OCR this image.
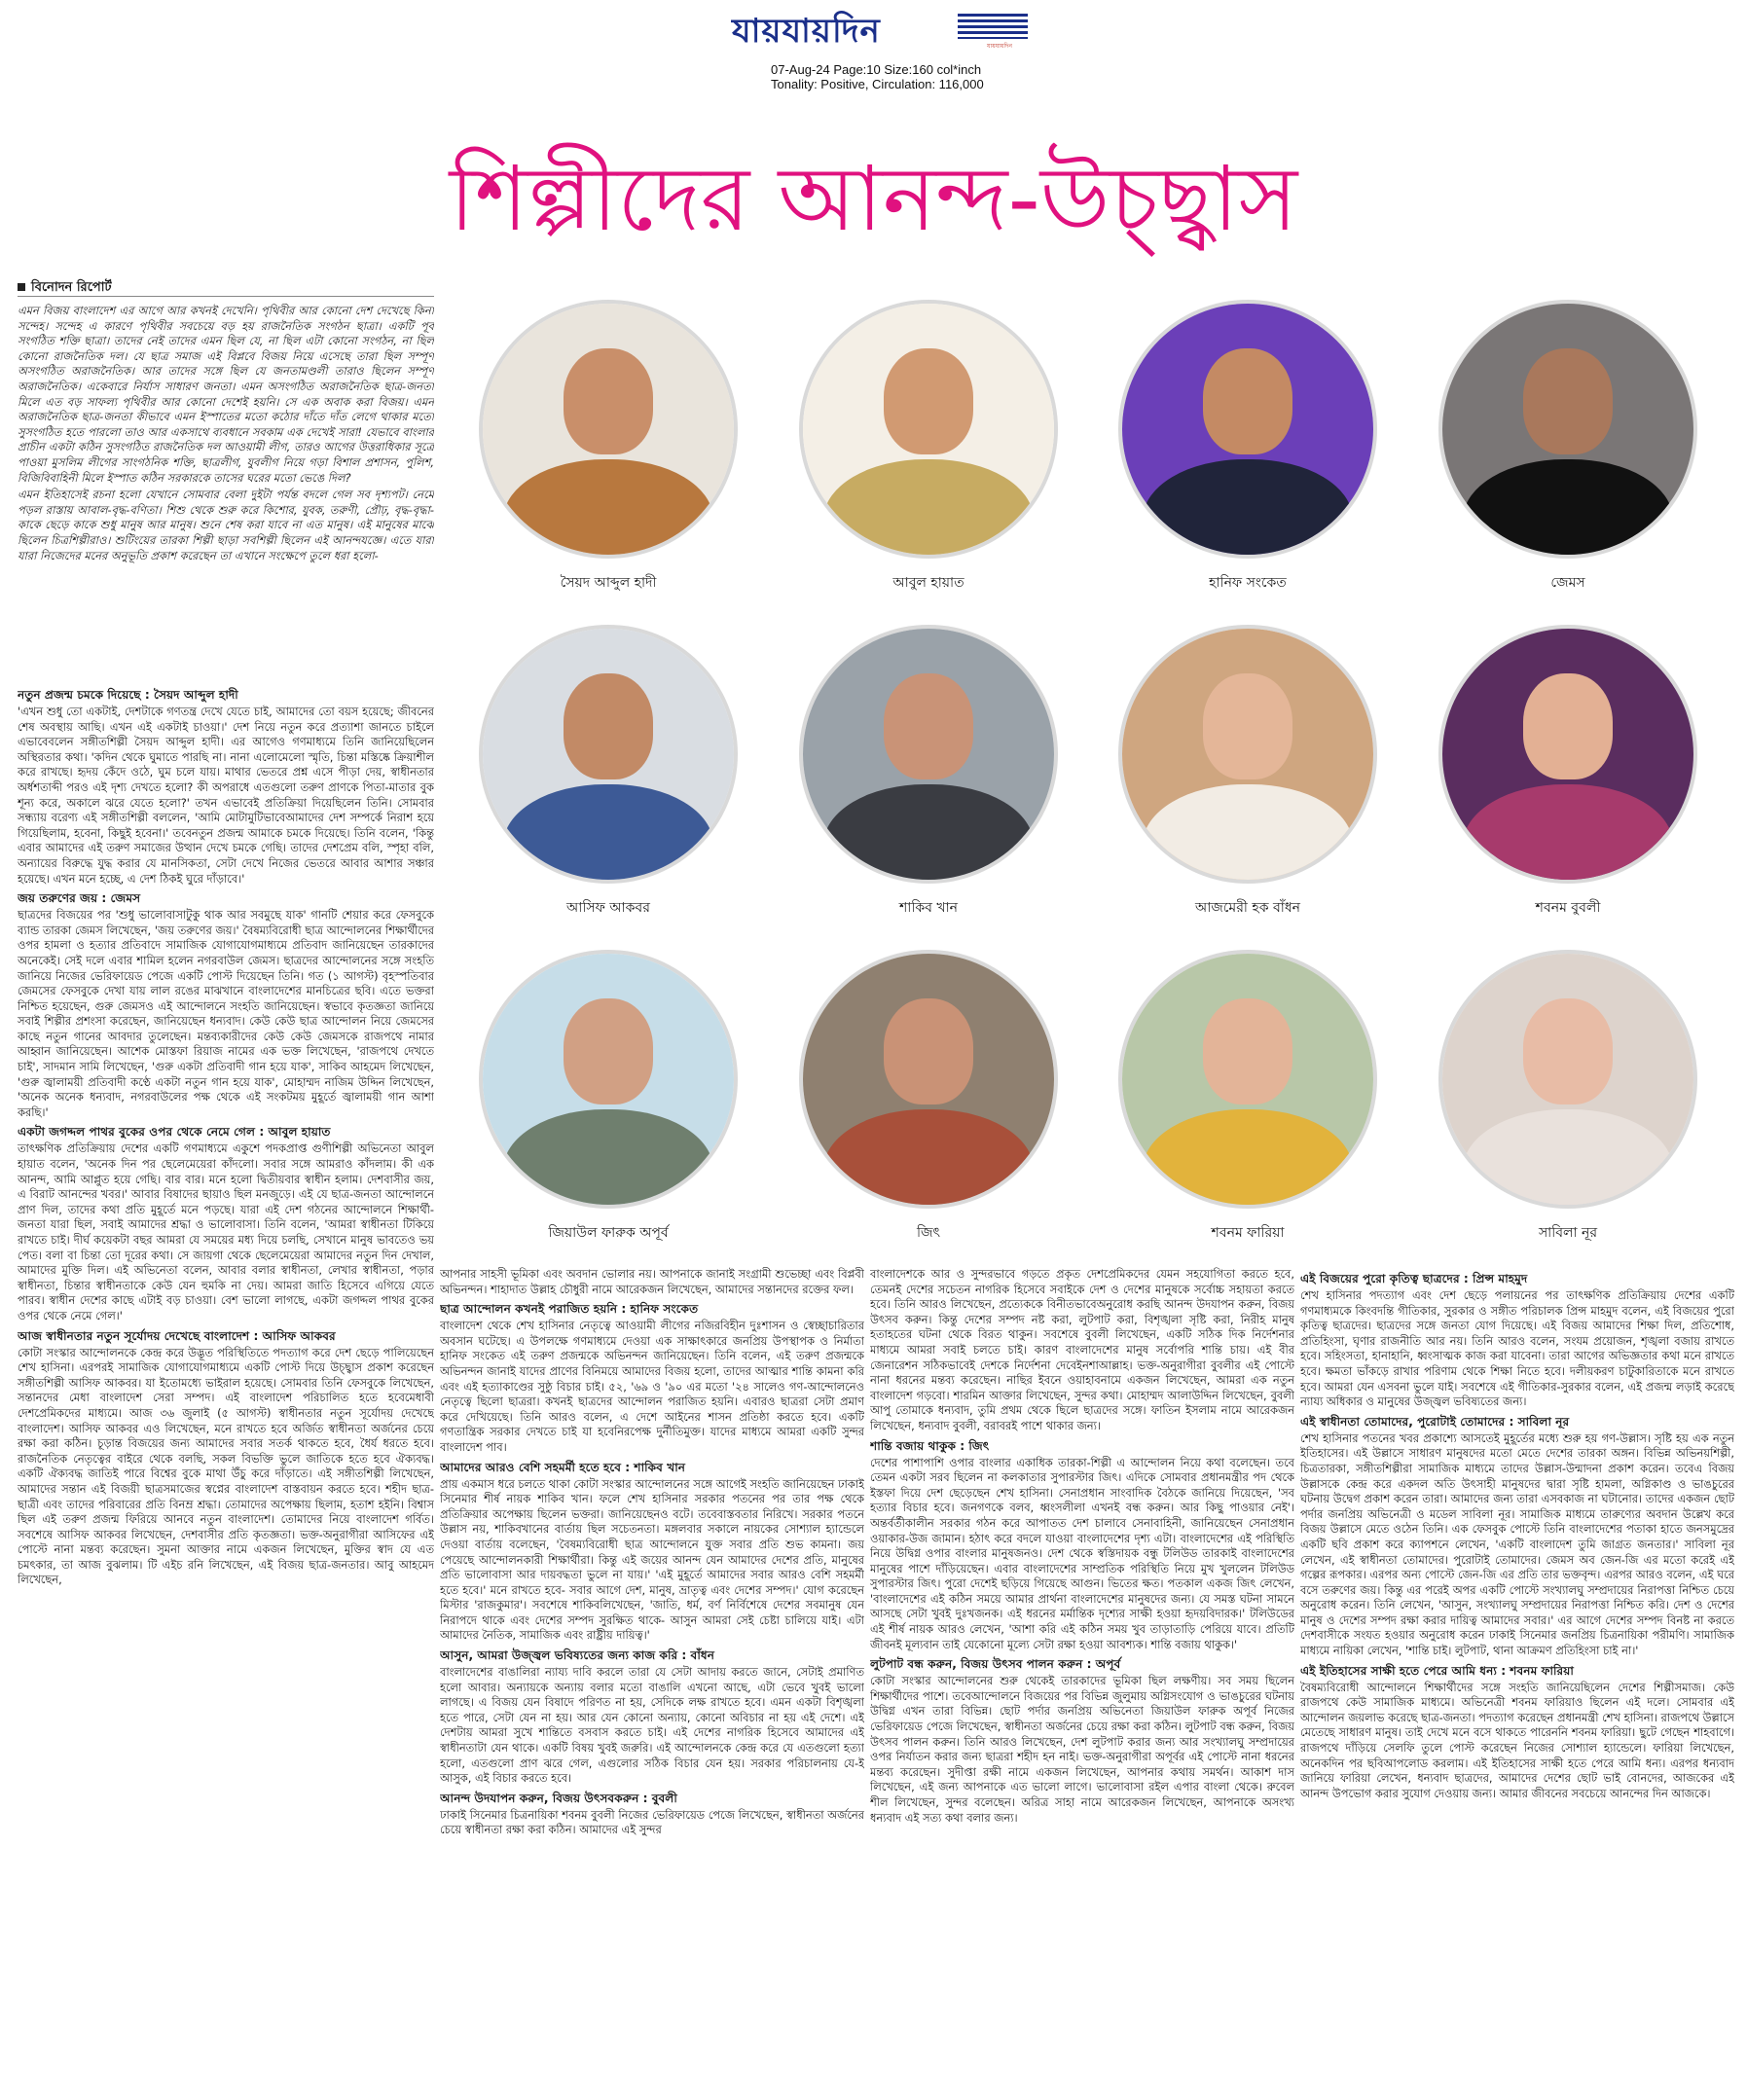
যায়যায়দিন	যায়যায়দিন
07-Aug-24 Page:10 Size:160 col*inch
Tonality: Positive, Circulation: 116,000
শিল্পীদের আনন্দ-উচ্ছ্বাস
বিনোদন রিপোর্ট

এমন বিজয় বাংলাদেশ এর আগে আর কখনই দেখেনি। পৃথিবীর আর কোনো দেশ দেখেছে কিনা সন্দেহ। সন্দেহ এ কারণে পৃথিবীর সবচেয়ে বড় হয় রাজনৈতিক সংগঠন ছাত্রা। একটি পূর্ব সংগঠিত শক্তি ছাত্রা। তাদের নেই তাদের এমন ছিল যে, না ছিল এটা কোনো সংগঠন, না ছিল কোনো রাজনৈতিক দল। যে ছাত্র সমাজ এই বিপ্লবে বিজয় নিয়ে এসেছে তারা ছিল সম্পূর্ণ অসংগঠিত অরাজনৈতিক। আর তাদের সঙ্গে ছিল যে জনতামণ্ডলী তারাও ছিলেন সম্পূর্ণ অরাজনৈতিক। একেবারে নির্যাস সাধারণ জনতা। এমন অসংগঠিত অরাজনৈতিক ছাত্র-জনতা মিলে এত বড় সাফল্য পৃথিবীর আর কোনো দেশেই হয়নি। সে এক অবাক করা বিজয়। এমন অরাজনৈতিক ছাত্র-জনতা কীভাবে এমন ইস্পাতের মতো কঠোর দাঁতে দাঁত লেগে থাকার মতো সুসংগঠিত হতে পারলো তাও আর একসাথে ব্যবধানে সবকাম এক দেখেই সারা! যেভাবে বাংলার প্রাচীন একটা কঠিন সুসংগঠিত রাজনৈতিক দল আওয়ামী লীগ, তারও আগের উত্তরাধিকার সূত্রে পাওয়া মুসলিম লীগের সাংগঠনিক শক্তি, ছাত্রলীগ, যুবলীগ নিয়ে গড়া বিশাল প্রশাসন, পুলিশ, বিজিবিবাহিনী মিলে ইস্পাত কঠিন সরকারকে তাসের ঘরের মতো ভেঙে দিল?

এমন ইতিহাসেই রচনা হলো যেখানে সোমবার বেলা দুইটা পর্যন্ত বদলে গেল সব দৃশ্যপট। নেমে পড়ল রাস্তায় আবাল-বৃদ্ধ-বণিতা। শিশু থেকে শুরু করে কিশোর, যুবক, তরুণী, প্রৌঢ়, বৃদ্ধ-বৃদ্ধা- কাকে ছেড়ে কাকে শুধু মানুষ আর মানুষ। শুনে শেষ করা যাবে না এত মানুষ। এই মানুষের মাঝে ছিলেন চিত্রশিল্পীরাও। শুটিংয়ের তারকা শিল্পী ছাড়া সবশিল্পী ছিলেন এই আনন্দযজ্ঞে। এতে যারা যারা নিজেদের মনের অনুভূতি প্রকাশ করেছেন তা এখানে সংক্ষেপে তুলে ধরা হলো-

নতুন প্রজন্ম চমকে দিয়েছে : সৈয়দ আব্দুল হাদী

'এখন শুধু তো একটাই, দেশটাকে গণতন্ত্র দেখে যেতে চাই, আমাদের তো বয়স হয়েছে; জীবনের শেষ অবস্থায় আছি। এখন এই একটাই চাওয়া।' দেশ নিয়ে নতুন করে প্রত্যাশা জানতে চাইলে এভাবেবলেন সঙ্গীতশিল্পী সৈয়দ আব্দুল হাদী। এর আগেও গণমাধ্যমে তিনি জানিয়েছিলেন অস্থিরতার কথা। 'কদিন থেকে ঘুমাতে পারছি না। নানা এলোমেলো স্মৃতি, চিন্তা মস্তিষ্কে ক্রিয়াশীল করে রাখছে। হৃদয় কেঁদে ওঠে, ঘুম চলে যায়। মাথার ভেতরে প্রশ্ন এসে পীড়া দেয়, স্বাধীনতার অর্ধশতাব্দী পরও এই দৃশ্য দেখতে হলো? কী অপরাধে এতগুলো তরুণ প্রাণকে পিতা-মাতার বুক শূন্য করে, অকালে ঝরে যেতে হলো?' তখন এভাবেই প্রতিক্রিয়া দিয়েছিলেন তিনি। সোমবার সন্ধ্যায় বরেণ্য এই সঙ্গীতশিল্পী বললেন, 'আমি মোটামুটিভাবেআমাদের দেশ সম্পর্কে নিরাশ হয়ে গিয়েছিলাম, হবেনা, কিছুই হবেনা।' তবেনতুন প্রজন্ম আমাকে চমকে দিয়েছে। তিনি বলেন, 'কিন্তু এবার আমাদের এই তরুণ সমাজের উত্থান দেখে চমকে গেছি। তাদের দেশপ্রেম বলি, স্পৃহা বলি, অন্যায়ের বিরুদ্ধে যুদ্ধ করার যে মানসিকতা, সেটা দেখে নিজের ভেতরে আবার আশার সঞ্চার হয়েছে। এখন মনে হচ্ছে, এ দেশ ঠিকই ঘুরে দাঁড়াবে।'

জয় তরুণের জয় : জেমস

ছাত্রদের বিজয়ের পর 'শুধু ভালোবাসাটুকু থাক আর সবমুছে যাক' গানটি শেয়ার করে ফেসবুকে ব্যান্ড তারকা জেমস লিখেছেন, 'জয় তরুণের জয়।' বৈষম্যবিরোধী ছাত্র আন্দোলনের শিক্ষার্থীদের ওপর হামলা ও হত্যার প্রতিবাদে সামাজিক যোগাযোগমাধ্যমে প্রতিবাদ জানিয়েছেন তারকাদের অনেকেই। সেই দলে এবার শামিল হলেন নগরবাউল জেমস। ছাত্রদের আন্দোলনের সঙ্গে সংহতি জানিয়ে নিজের ভেরিফায়েড পেজে একটি পোস্ট দিয়েছেন তিনি। গত (১ আগস্ট) বৃহস্পতিবার জেমসের ফেসবুকে দেখা যায় লাল রঙের মাঝখানে বাংলাদেশের মানচিত্রের ছবি। এতে ভক্তরা নিশ্চিত হয়েছেন, গুরু জেমসও এই আন্দোলনে সংহতি জানিয়েছেন। স্বভাবে কৃতজ্ঞতা জানিয়ে সবাই শিল্পীর প্রশংসা করেছেন, জানিয়েছেন ধন্যবাদ। কেউ কেউ ছাত্র আন্দোলন নিয়ে জেমসের কাছে নতুন গানের আবদার তুলেছেন। মন্তব্যকারীদের কেউ কেউ জেমসকে রাজপথে নামার আহ্বান জানিয়েছেন। আশেক মোস্তফা রিয়াজ নামের এক ভক্ত লিখেছেন, 'রাজপথে দেখতে চাই', সাদমান সামি লিখেছেন, 'গুরু একটা প্রতিবাদী গান হয়ে যাক', সাকিব আহমেদ লিখেছেন, 'গুরু জ্বালাময়ী প্রতিবাদী কণ্ঠে একটা নতুন গান হয়ে যাক', মোহাম্মদ নাজিম উদ্দিন লিখেছেন, 'অনেক অনেক ধন্যবাদ, নগরবাউলের পক্ষ থেকে এই সংকটময় মুহূর্তে জ্বালাময়ী গান আশা করছি।'

একটা জগদ্দল পাথর বুকের ওপর থেকে নেমে গেল : আবুল হায়াত

তাৎক্ষণিক প্রতিক্রিয়ায় দেশের একটি গণমাধ্যমে একুশে পদকপ্রাপ্ত গুণীশিল্পী অভিনেতা আবুল হায়াত বলেন, 'অনেক দিন পর ছেলেমেয়েরা কাঁদলো। সবার সঙ্গে আমরাও কাঁদলাম। কী এক আনন্দ, আমি আপ্লুত হয়ে গেছি। বার বার। মনে হলো দ্বিতীয়বার স্বাধীন হলাম। দেশবাসীর জয়, এ বিরাট আনন্দের খবর।' আবার বিষাদের ছায়াও ছিল মনজুড়ে। এই যে ছাত্র-জনতা আন্দোলনে প্রাণ দিল, তাদের কথা প্রতি মুহূর্তে মনে পড়ছে। যারা এই দেশ গঠনের আন্দোলনে শিক্ষার্থী-জনতা যারা ছিল, সবাই আমাদের শ্রদ্ধা ও ভালোবাসা। তিনি বলেন, 'আমরা স্বাধীনতা টিকিয়ে রাখতে চাই। দীর্ঘ কয়েকটা বছর আমরা যে সময়ের মধ্য দিয়ে চলছি, সেখানে মানুষ ভাবতেও ভয় পেত। বলা বা চিন্তা তো দূরের কথা। সে জায়গা থেকে ছেলেমেয়েরা আমাদের নতুন দিন দেখাল, আমাদের মুক্তি দিল। এই অভিনেতা বলেন, আবার বলার স্বাধীনতা, লেখার স্বাধীনতা, পড়ার স্বাধীনতা, চিন্তার স্বাধীনতাকে কেউ যেন হুমকি না দেয়। আমরা জাতি হিসেবে এগিয়ে যেতে পারব। স্বাধীন দেশের কাছে এটাই বড় চাওয়া। বেশ ভালো লাগছে, একটা জগদ্দল পাথর বুকের ওপর থেকে নেমে গেল।'

আজ স্বাধীনতার নতুন সূর্যোদয় দেখেছে বাংলাদেশ : আসিফ আকবর

কোটা সংস্কার আন্দোলনকে কেন্দ্র করে উদ্ভূত পরিস্থিতিতে পদত্যাগ করে দেশ ছেড়ে পালিয়েছেন শেখ হাসিনা। এরপরই সামাজিক যোগাযোগমাধ্যমে একটি পোস্ট দিয়ে উচ্ছ্বাস প্রকাশ করেছেন সঙ্গীতশিল্পী আসিফ আকবর। যা ইতোমধ্যে ভাইরাল হয়েছে। সোমবার তিনি ফেসবুকে লিখেছেন, সন্তানদের মেধা বাংলাদেশ সেরা সম্পদ। এই বাংলাদেশ পরিচালিত হতে হবেমেধাবী দেশপ্রেমিকদের মাধ্যমে। আজ ৩৬ জুলাই (৫ আগস্ট) স্বাধীনতার নতুন সূর্যোদয় দেখেছে বাংলাদেশ। আসিফ আকবর এও লিখেছেন, মনে রাখতে হবে অর্জিত স্বাধীনতা অর্জনের চেয়ে রক্ষা করা কঠিন। চূড়ান্ত বিজয়ের জন্য আমাদের সবার সতর্ক থাকতে হবে, ধৈর্য ধরতে হবে। রাজনৈতিক নেতৃত্বের বাইরে থেকে বলছি, সকল বিভক্তি ভুলে জাতিকে হতে হবে ঐক্যবদ্ধ। একটি ঐক্যবদ্ধ জাতিই পারে বিশ্বের বুকে মাথা উঁচু করে দাঁড়াতে। এই সঙ্গীতশিল্পী লিখেছেন, আমাদের সন্তান এই বিজয়ী ছাত্রসমাজের স্বপ্নের বাংলাদেশ বাস্তবায়ন করতে হবে। শহীদ ছাত্র-ছাত্রী এবং তাদের পরিবারের প্রতি বিনম্র শ্রদ্ধা। তোমাদের অপেক্ষায় ছিলাম, হতাশ হইনি। বিশ্বাস ছিল এই তরুণ প্রজন্ম ফিরিয়ে আনবে নতুন বাংলাদেশ। তোমাদের নিয়ে বাংলাদেশ গর্বিত। সবশেষে আসিফ আকবর লিখেছেন, দেশবাসীর প্রতি কৃতজ্ঞতা। ভক্ত-অনুরাগীরা আসিফের এই পোস্টে নানা মন্তব্য করেছেন। সুমনা আক্তার নামে একজন লিখেছেন, মুক্তির স্বাদ যে এত চমৎকার, তা আজ বুঝলাম। টি এইচ রনি লিখেছেন, এই বিজয় ছাত্র-জনতার। আবু আহমেদ লিখেছেন,

আপনার সাহসী ভূমিকা এবং অবদান ভোলার নয়। আপনাকে জানাই সংগ্রামী শুভেচ্ছা এবং বিপ্লবী অভিনন্দন। শাহাদাত উল্লাহ চৌধুরী নামে আরেকজন লিখেছেন, আমাদের সন্তানদের রক্তের ফল।

ছাত্র আন্দোলন কখনই পরাজিত হয়নি : হানিফ সংকেত

বাংলাদেশ থেকে শেখ হাসিনার নেতৃত্বে আওয়ামী লীগের নজিরবিহীন দুঃশাসন ও স্বেচ্ছাচারিতার অবসান ঘটেছে। এ উপলক্ষে গণমাধ্যমে দেওয়া এক সাক্ষাৎকারে জনপ্রিয় উপস্থাপক ও নির্মাতা হানিফ সংকেত এই তরুণ প্রজন্মকে অভিনন্দন জানিয়েছেন। তিনি বলেন, এই তরুণ প্রজন্মকে অভিনন্দন জানাই যাদের প্রাণের বিনিময়ে আমাদের বিজয় হলো, তাদের আত্মার শান্তি কামনা করি এবং এই হত্যাকাণ্ডের সুষ্ঠু বিচার চাই। ৫২, '৬৯ ও '৯০ এর মতো '২৪ সালেও গণ-আন্দোলনেও নেতৃত্বে ছিলো ছাত্ররা। কখনই ছাত্রদের আন্দোলন পরাজিত হয়নি। এবারও ছাত্ররা সেটা প্রমাণ করে দেখিয়েছে। তিনি আরও বলেন, এ দেশে আইনের শাসন প্রতিষ্ঠা করতে হবে। একটি গণতান্ত্রিক সরকার দেখতে চাই যা হবেনিরপেক্ষ দুর্নীতিমুক্ত। যাদের মাধ্যমে আমরা একটি সুন্দর বাংলাদেশ পাব।

আমাদের আরও বেশি সহমর্মী হতে হবে : শাকিব খান

প্রায় একমাস ধরে চলতে থাকা কোটা সংস্কার আন্দোলনের সঙ্গে আগেই সংহতি জানিয়েছেন ঢাকাই সিনেমার শীর্ষ নায়ক শাকিব খান। ফলে শেখ হাসিনার সরকার পতনের পর তার পক্ষ থেকে প্রতিক্রিয়ার অপেক্ষায় ছিলেন ভক্তরা। জানিয়েছেনও বটে। তবেবাস্তবতার নিরিখে। সরকার পতনে উল্লাস নয়, শাকিবখানের বার্তায় ছিল সচেতনতা। মঙ্গলবার সকালে নায়কের সোশ্যাল হ্যান্ডেলে দেওয়া বার্তায় বলেছেন, 'বৈষম্যবিরোধী ছাত্র আন্দোলনে যুক্ত সবার প্রতি শুভ কামনা। জয় পেয়েছে আন্দোলনকারী শিক্ষার্থীরা। কিন্তু এই জয়ের আনন্দ যেন আমাদের দেশের প্রতি, মানুষের প্রতি ভালোবাসা আর দায়বদ্ধতা ভুলে না যায়।' 'এই মুহূর্তে আমাদের সবার আরও বেশি সহমর্মী হতে হবে।' মনে রাখতে হবে- সবার আগে দেশ, মানুষ, ভ্রাতৃত্ব এবং দেশের সম্পদ।' যোগ করেছেন মিস্টার 'রাজকুমার'। সবশেষে শাকিবলিখেছেন, 'জাতি, ধর্ম, বর্ণ নির্বিশেষে দেশের সবমানুষ যেন নিরাপদে থাকে এবং দেশের সম্পদ সুরক্ষিত থাকে- আসুন আমরা সেই চেষ্টা চালিয়ে যাই। এটা আমাদের নৈতিক, সামাজিক এবং রাষ্ট্রীয় দায়িত্ব।'

আসুন, আমরা উজ্জ্বল ভবিষ্যতের জন্য কাজ করি : বাঁধন

বাংলাদেশের বাঙালিরা ন্যায্য দাবি করলে তারা যে সেটা আদায় করতে জানে, সেটাই প্রমাণিত হলো আবার। অন্যায়কে অন্যায় বলার মতো বাঙালি এখনো আছে, এটা ভেবে খুবই ভালো লাগছে। এ বিজয় যেন বিষাদে পরিণত না হয়, সেদিকে লক্ষ রাখতে হবে। এমন একটা বিশৃঙ্খলা হতে পারে, সেটা যেন না হয়। আর যেন কোনো অন্যায়, কোনো অবিচার না হয় এই দেশে। এই দেশটায় আমরা সুখে শান্তিতে বসবাস করতে চাই। এই দেশের নাগরিক হিসেবে আমাদের এই স্বাধীনতাটা যেন থাকে। একটি বিষয় খুবই জরুরি। এই আন্দোলনকে কেন্দ্র করে যে এতগুলো হত্যা হলো, এতগুলো প্রাণ ঝরে গেল, এগুলোর সঠিক বিচার যেন হয়। সরকার পরিচালনায় যে-ই আসুক, এই বিচার করতে হবে।

আনন্দ উদযাপন করুন, বিজয় উৎসবকরুন : বুবলী

ঢাকাই সিনেমার চিত্রনায়িকা শবনম বুবলী নিজের ভেরিফায়েড পেজে লিখেছেন, স্বাধীনতা অর্জনের চেয়ে স্বাধীনতা রক্ষা করা কঠিন। আমাদের এই সুন্দর

বাংলাদেশকে আর ও সুন্দরভাবে গড়তে প্রকৃত দেশপ্রেমিকদের যেমন সহযোগিতা করতে হবে, তেমনই দেশের সচেতন নাগরিক হিসেবে সবাইকে দেশ ও দেশের মানুষকে সর্বোচ্চ সহায়তা করতে হবে। তিনি আরও লিখেছেন, প্রত্যেককে বিনীতভাবেঅনুরোধ করছি আনন্দ উদযাপন করুন, বিজয় উৎসব করুন। কিন্তু দেশের সম্পদ নষ্ট করা, লুটপাট করা, বিশৃঙ্খলা সৃষ্টি করা, নিরীহ মানুষ হতাহতের ঘটনা থেকে বিরত থাকুন। সবশেষে বুবলী লিখেছেন, একটি সঠিক দিক নির্দেশনার মাধ্যমে আমরা সবাই চলতে চাই। কারণ বাংলাদেশের মানুষ সর্বোপরি শান্তি চায়। এই বীর জেনারেশন সঠিকভাবেই দেশকে নির্দেশনা দেবেইনশাআল্লাহ। ভক্ত-অনুরাগীরা বুবলীর এই পোস্টে নানা ধরনের মন্তব্য করেছেন। নাছির ইবনে ওয়াহাবনামে একজন লিখেছেন, আমরা এক নতুন বাংলাদেশ গড়বো। শারমিন আক্তার লিখেছেন, সুন্দর কথা। মোহাম্মদ আলাউদ্দিন লিখেছেন, বুবলী আপু তোমাকে ধন্যবাদ, তুমি প্রথম থেকে ছিলে ছাত্রদের সঙ্গে। ফাতিন ইসলাম নামে আরেকজন লিখেছেন, ধন্যবাদ বুবলী, বরাবরই পাশে থাকার জন্য।

শান্তি বজায় থাকুক : জিৎ

দেশের পাশাপাশি ওপার বাংলার একাধিক তারকা-শিল্পী এ আন্দোলন নিয়ে কথা বলেছেন। তবে তেমন একটা সরব ছিলেন না কলকাতার সুপারস্টার জিৎ। এদিকে সোমবার প্রধানমন্ত্রীর পদ থেকে ইস্তফা দিয়ে দেশ ছেড়েছেন শেখ হাসিনা। সেনাপ্রধান সাংবাদিক বৈঠকে জানিয়ে দিয়েছেন, 'সব হত্যার বিচার হবে। জনগণকে বলব, ধ্বংসলীলা এখনই বন্ধ করুন। আর কিছু পাওয়ার নেই'। অন্তর্বর্তীকালীন সরকার গঠন করে আপাতত দেশ চালাবে সেনাবাহিনী, জানিয়েছেন সেনাপ্রধান ওয়াকার-উজ জামান। হঠাৎ করে বদলে যাওয়া বাংলাদেশের দৃশ্য এটা। বাংলাদেশের এই পরিস্থিতি নিয়ে উদ্বিগ্ন ওপার বাংলার মানুষজনও। দেশ থেকে স্বস্তিদায়ক বন্ধু টলিউড তারকাই বাংলাদেশের মানুষের পাশে দাঁড়িয়েছেন। এবার বাংলাদেশের সাম্প্রতিক পরিস্থিতি নিয়ে মুখ খুললেন টলিউড সুপারস্টার জিৎ। পুরো দেশেই ছড়িয়ে গিয়েছে আগুন। ভিতের ক্ষত। পতকাল একজ জিৎ লেখেন, 'বাংলাদেশের এই কঠিন সময়ে আমার প্রার্থনা বাংলাদেশের মানুষদের জন্য। যে সমস্ত ঘটনা সামনে আসছে সেটা খুবই দুঃখজনক। এই ধরনের মর্মান্তিক দৃশ্যের সাক্ষী হওয়া হৃদয়বিদারক।' টলিউডের এই শীর্ষ নায়ক আরও লেখেন, 'আশা করি এই কঠিন সময় খুব তাড়াতাড়ি পেরিয়ে যাবে। প্রতিটি জীবনই মূল্যবান তাই যেকোনো মূল্যে সেটা রক্ষা হওয়া আবশ্যক। শান্তি বজায় থাকুক।'

লুটপাট বন্ধ করুন, বিজয় উৎসব পালন করুন : অপূর্ব

কোটা সংস্কার আন্দোলনের শুরু থেকেই তারকাদের ভূমিকা ছিল লক্ষণীয়। সব সময় ছিলেন শিক্ষার্থীদের পাশে। তবেআন্দোলনে বিজয়ের পর বিভিন্ন জুলুমায় অগ্নিসংযোগ ও ভাঙচুরের ঘটনায় উদ্বিগ্ন এখন তারা বিভিন্ন। ছোট পর্দার জনপ্রিয় অভিনেতা জিয়াউল ফারুক অপূর্ব নিজের ভেরিফায়েড পেজে লিখেছেন, স্বাধীনতা অর্জনের চেয়ে রক্ষা করা কঠিন। লুটপাট বন্ধ করুন, বিজয় উৎসব পালন করুন। তিনি আরও লিখেছেন, দেশ লুটপাট করার জন্য আর সংখ্যালঘু সম্প্রদায়ের ওপর নির্যাতন করার জন্য ছাত্ররা শহীদ হন নাই। ভক্ত-অনুরাগীরা অপূর্বর এই পোস্টে নানা ধরনের মন্তব্য করেছেন। সুদীপ্তা রক্ষী নামে একজন লিখেছেন, আপনার কথায় সমর্থন। আকাশ দাস লিখেছেন, এই জন্য আপনাকে এত ভালো লাগে। ভালোবাসা রইল এপার বাংলা থেকে। রুবেল শীল লিখেছেন, সুন্দর বলেছেন। অরিত্র সাহা নামে আরেকজন লিখেছেন, আপনাকে অসংখ্য ধন্যবাদ এই সত্য কথা বলার জন্য।

এই বিজয়ের পুরো কৃতিত্ব ছাত্রদের : প্রিন্স মাহমুদ

শেখ হাসিনার পদত্যাগ এবং দেশ ছেড়ে পলায়নের পর তাৎক্ষণিক প্রতিক্রিয়ায় দেশের একটি গণমাধ্যমকে কিংবদন্তি গীতিকার, সুরকার ও সঙ্গীত পরিচালক প্রিন্স মাহমুদ বলেন, এই বিজয়ের পুরো কৃতিত্ব ছাত্রদের। ছাত্রদের সঙ্গে জনতা যোগ দিয়েছে। এই বিজয় আমাদের শিক্ষা দিল, প্রতিশোধ, প্রতিহিংসা, ঘৃণার রাজনীতি আর নয়। তিনি আরও বলেন, সংযম প্রয়োজন, শৃঙ্খলা বজায় রাখতে হবে। সহিংসতা, হানাহানি, ধ্বংসাত্মক কাজ করা যাবেনা। তারা আগের অভিজ্ঞতার কথা মনে রাখতে হবে। ক্ষমতা ভাঁকড়ে রাখার পরিণাম থেকে শিক্ষা নিতে হবে। দলীয়করণ চাটুকারিতাকে মনে রাখতে হবে। আমরা যেন এসবনা ভুলে যাই। সবশেষে এই গীতিকার-সুরকার বলেন, এই প্রজন্ম লড়াই করেছে ন্যায্য অধিকার ও মানুষের উজ্জ্বল ভবিষ্যতের জন্য।

এই স্বাধীনতা তোমাদের, পুরোটাই তোমাদের : সাবিলা নূর

শেখ হাসিনার পতনের খবর প্রকাশ্যে আসতেই মুহূর্তের মধ্যে শুরু হয় গণ-উল্লাস। সৃষ্টি হয় এক নতুন ইতিহাসের। এই উল্লাসে সাধারণ মানুষদের মতো মেতে দেশের তারকা অঙ্গন। বিভিন্ন অভিনয়শিল্পী, চিত্রতারকা, সঙ্গীতশিল্পীরা সামাজিক মাধ্যমে তাদের উল্লাস-উন্মাদনা প্রকাশ করেন। তবেএ বিজয় উল্লাসকে কেন্দ্র করে একদল অতি উৎসাহী মানুষদের দ্বারা সৃষ্টি হামলা, অগ্নিকাণ্ড ও ভাঙচুরের ঘটনায় উদ্বেগ প্রকাশ করেন তারা। আমাদের জন্য তারা এসবকাজ না ঘটানোর। তাদের একজন ছোট পর্দার জনপ্রিয় অভিনেত্রী ও মডেল সাবিলা নূর। সামাজিক মাধ্যমে তারুণ্যের অবদান উল্লেখ করে বিজয় উল্লাসে মেতে ওঠেন তিনি। এক ফেসবুক পোস্টে তিনি বাংলাদেশের পতাকা হাতে জনসমুদ্রের একটি ছবি প্রকাশ করে ক্যাপশনে লেখেন, 'একটি বাংলাদেশ তুমি জাগ্রত জনতার।' সাবিলা নূর লেখেন, এই স্বাধীনতা তোমাদের। পুরোটাই তোমাদের। জেমস অব জেন-জি এর মতো করেই এই গল্পের রূপকার। এরপর অন্য পোস্টে জেন-জি এর প্রতি তার ভক্তবৃন্দ। এরপর আরও বলেন, এই ঘরে বসে তরুণের জয়। কিন্তু এর পরেই অপর একটি পোস্টে সংখ্যালঘু সম্প্রদায়ের নিরাপত্তা নিশ্চিত চেয়ে অনুরোধ করেন। তিনি লেখেন, 'আসুন, সংখ্যালঘু সম্প্রদায়ের নিরাপত্তা নিশ্চিত করি। দেশ ও দেশের মানুষ ও দেশের সম্পদ রক্ষা করার দায়িত্ব আমাদের সবার।' এর আগে দেশের সম্পদ বিনষ্ট না করতে দেশবাসীকে সংযত হওয়ার অনুরোধ করেন ঢাকাই সিনেমার জনপ্রিয় চিত্রনায়িকা পরীমণি। সামাজিক মাধ্যমে নায়িকা লেখেন, 'শান্তি চাই। লুটপাট, থানা আক্রমণ প্রতিহিংসা চাই না।'

এই ইতিহাসের সাক্ষী হতে পেরে আমি ধন্য : শবনম ফারিয়া

বৈষম্যবিরোধী আন্দোলনে শিক্ষার্থীদের সঙ্গে সংহতি জানিয়েছিলেন দেশের শিল্পীসমাজ। কেউ রাজপথে কেউ সামাজিক মাধ্যমে। অভিনেত্রী শবনম ফারিয়াও ছিলেন এই দলে। সোমবার এই আন্দোলন জয়লাভ করেছে ছাত্র-জনতা। পদত্যাগ করেছেন প্রধানমন্ত্রী শেখ হাসিনা। রাজপথে উল্লাসে মেতেছে সাধারণ মানুষ। তাই দেখে মনে বসে থাকতে পারেননি শবনম ফারিয়া। ছুটে গেছেন শাহবাগে। রাজপথে দাঁড়িয়ে সেলফি তুলে পোস্ট করেছেন নিজের সোশ্যাল হ্যান্ডেলে। ফারিয়া লিখেছেন, অনেকদিন পর ছবিআপলোড করলাম। এই ইতিহাসের সাক্ষী হতে পেরে আমি ধন্য। এরপর ধন্যবাদ জানিয়ে ফারিয়া লেখেন, ধন্যবাদ ছাত্রদের, আমাদের দেশের ছোট ভাই বোনদের, আজকের এই আনন্দ উপভোগ করার সুযোগ দেওয়ায় জন্য। আমার জীবনের সবচেয়ে আনন্দের দিন আজকে।

সৈয়দ আব্দুল হাদী	আবুল হায়াত	হানিফ সংকেত	জেমস
আসিফ আকবর	শাকিব খান	আজমেরী হক বাঁধন	শবনম বুবলী
জিয়াউল ফারুক অপূর্ব	জিৎ	শবনম ফারিয়া	সাবিলা নূর
